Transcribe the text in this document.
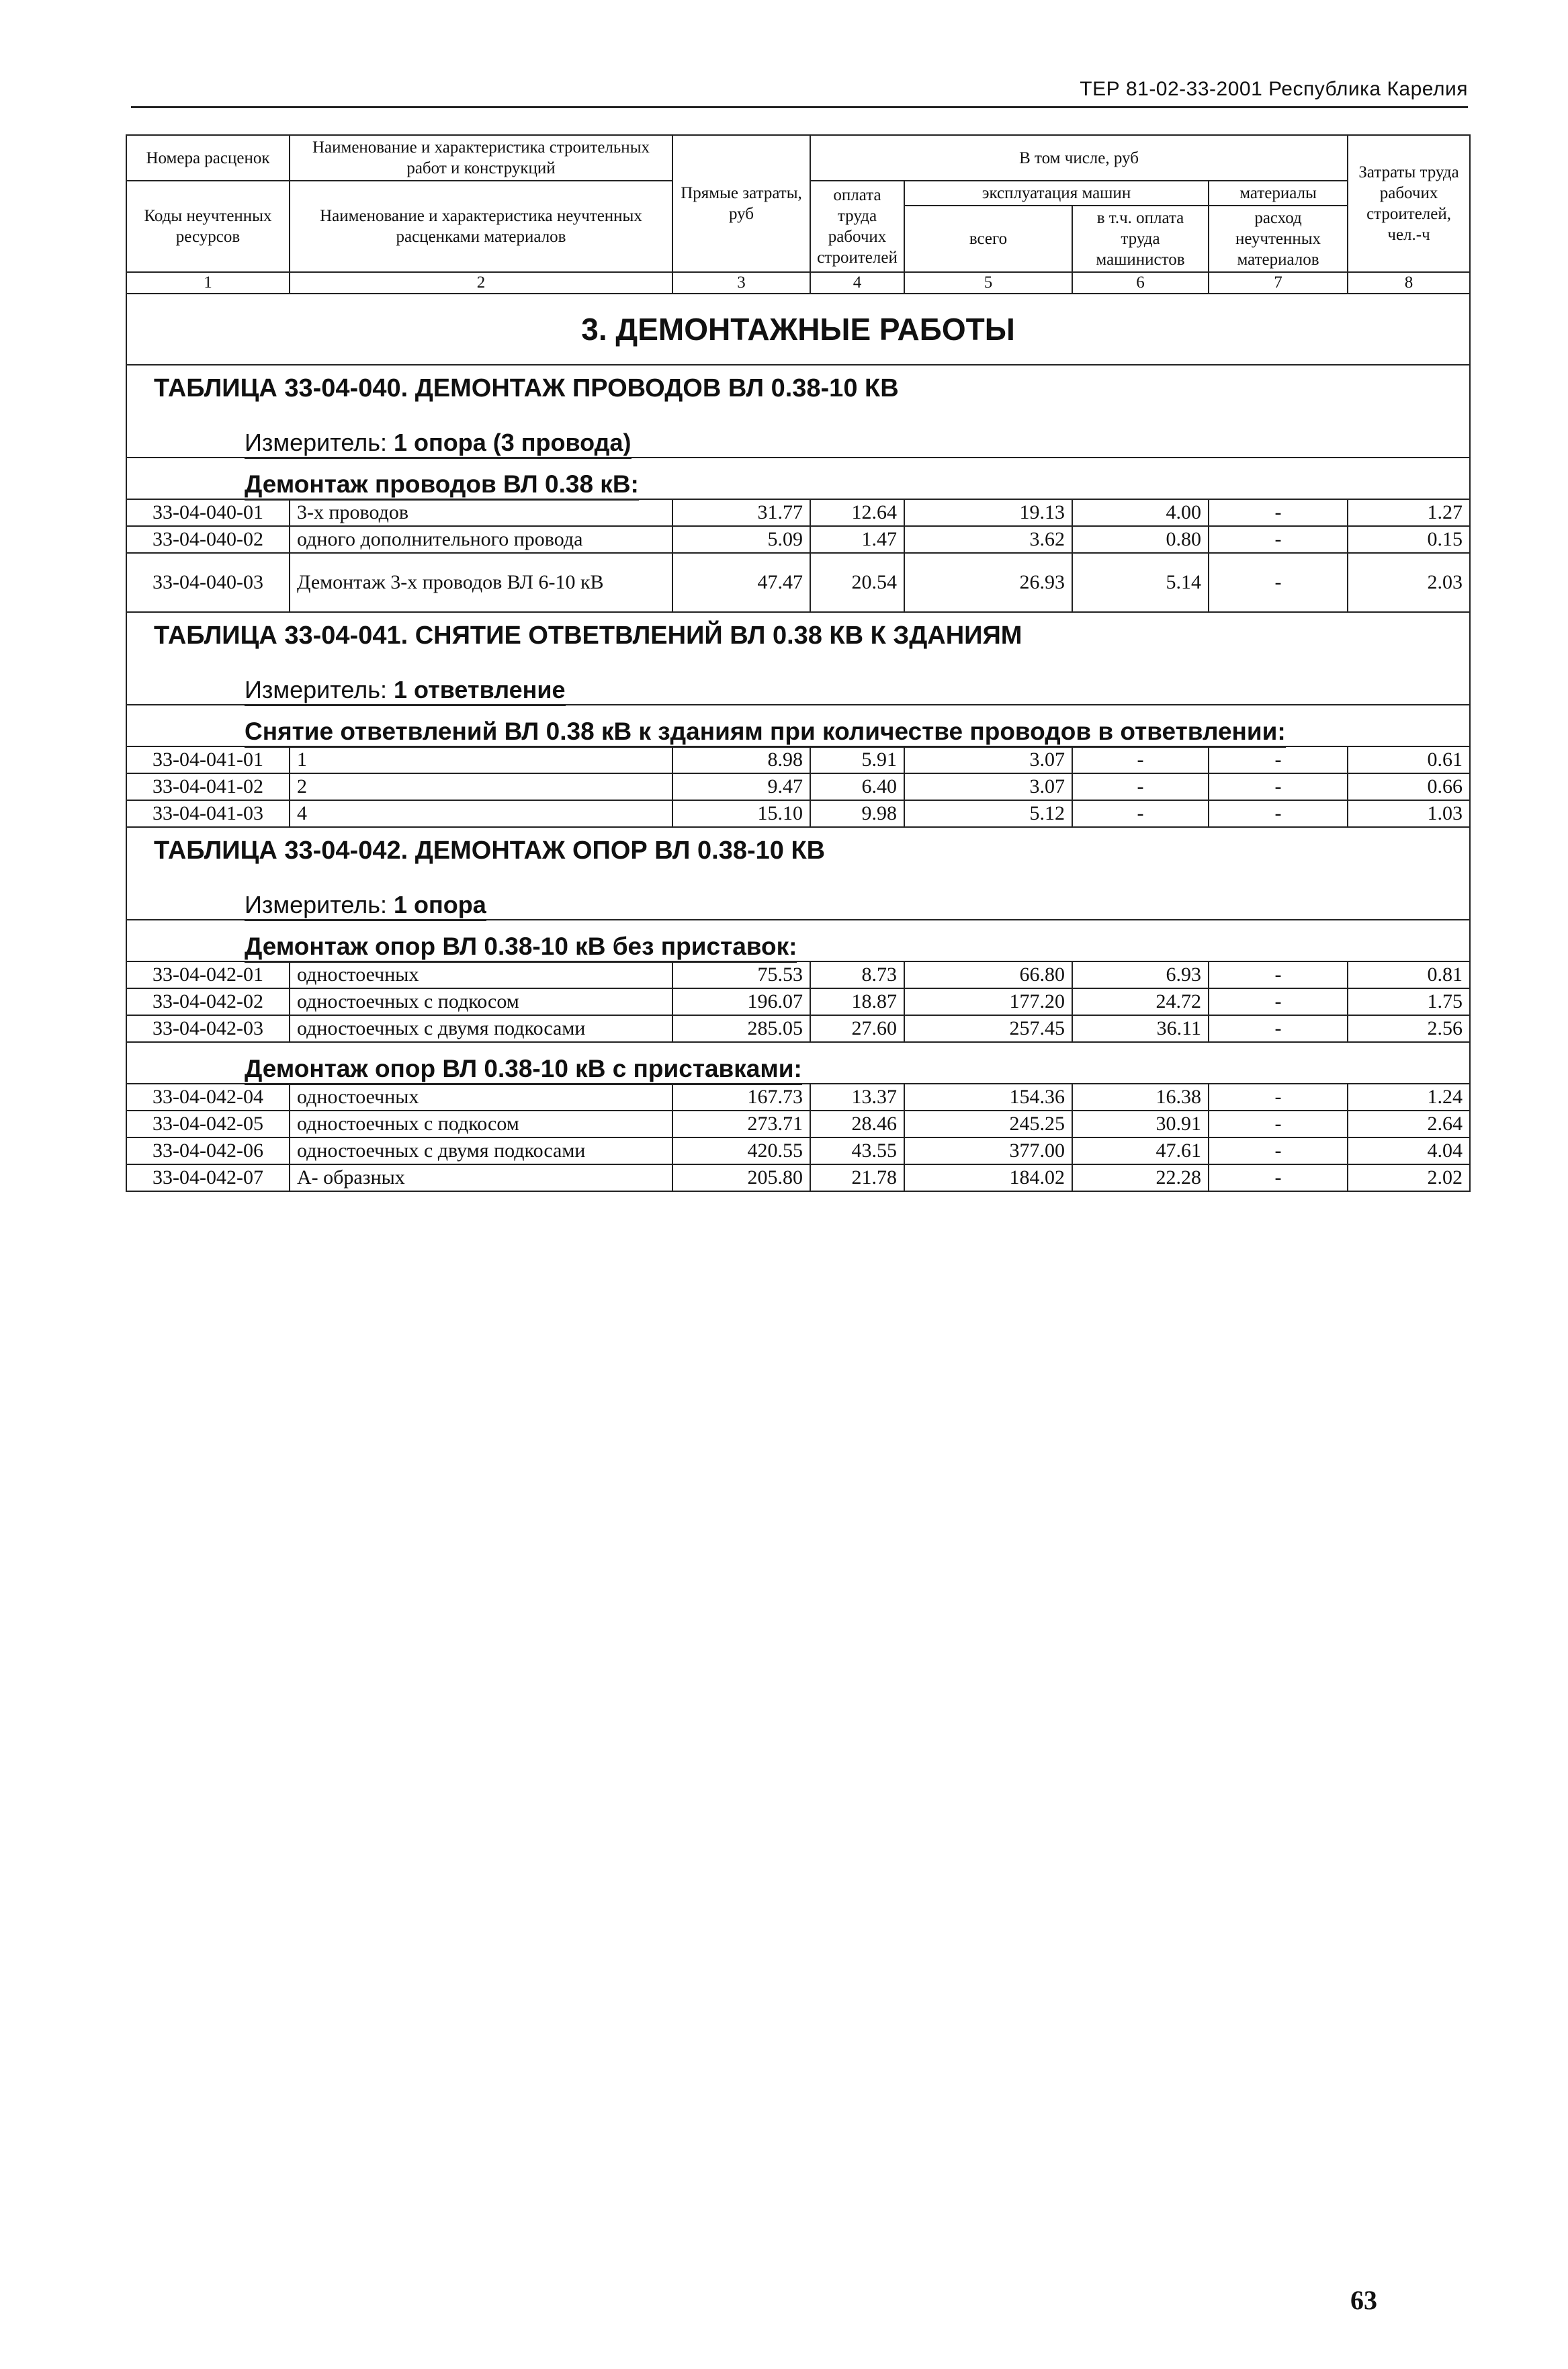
ТЕР 81-02-33-2001 Республика Карелия
Номера расценок	Наименование и характеристика строительных работ и конструкций	Прямые затраты, руб	В том числе, руб				Затраты труда рабочих строителей, чел.-ч
Коды неучтенных ресурсов	Наименование и характеристика неучтенных расценками материалов		оплата труда рабочих строителей	эксплуатация машин		материалы	
				всего	в т.ч. оплата труда машинистов	расход неучтенных материалов	

1	2	3	4	5	6	7	8
3. ДЕМОНТАЖНЫЕ РАБОТЫ							
ТАБЛИЦА 33-04-040. ДЕМОНТАЖ ПРОВОДОВ ВЛ 0.38-10 КВ							
Измеритель: 1 опора (3 провода)							
Демонтаж проводов ВЛ 0.38 кВ:							
33-04-040-01	3-х проводов	31.77	12.64	19.13	4.00	-	1.27
33-04-040-02	одного дополнительного провода	5.09	1.47	3.62	0.80	-	0.15
33-04-040-03	Демонтаж 3-х проводов ВЛ 6-10 кВ	47.47	20.54	26.93	5.14	-	2.03
ТАБЛИЦА 33-04-041. СНЯТИЕ ОТВЕТВЛЕНИЙ ВЛ 0.38 КВ К ЗДАНИЯМ							
Измеритель: 1 ответвление							
Снятие ответвлений ВЛ 0.38 кВ к зданиям при количестве проводов в ответвлении:							
33-04-041-01	1	8.98	5.91	3.07	-	-	0.61
33-04-041-02	2	9.47	6.40	3.07	-	-	0.66
33-04-041-03	4	15.10	9.98	5.12	-	-	1.03
ТАБЛИЦА 33-04-042. ДЕМОНТАЖ ОПОР ВЛ 0.38-10 КВ							
Измеритель: 1 опора							
Демонтаж опор ВЛ 0.38-10 кВ без приставок:							
33-04-042-01	одностоечных	75.53	8.73	66.80	6.93	-	0.81
33-04-042-02	одностоечных с подкосом	196.07	18.87	177.20	24.72	-	1.75
33-04-042-03	одностоечных с двумя подкосами	285.05	27.60	257.45	36.11	-	2.56
Демонтаж опор ВЛ 0.38-10 кВ с приставками:							
33-04-042-04	одностоечных	167.73	13.37	154.36	16.38	-	1.24
33-04-042-05	одностоечных с подкосом	273.71	28.46	245.25	30.91	-	2.64
33-04-042-06	одностоечных с двумя подкосами	420.55	43.55	377.00	47.61	-	4.04
33-04-042-07	А- образных	205.80	21.78	184.02	22.28	-	2.02
63
